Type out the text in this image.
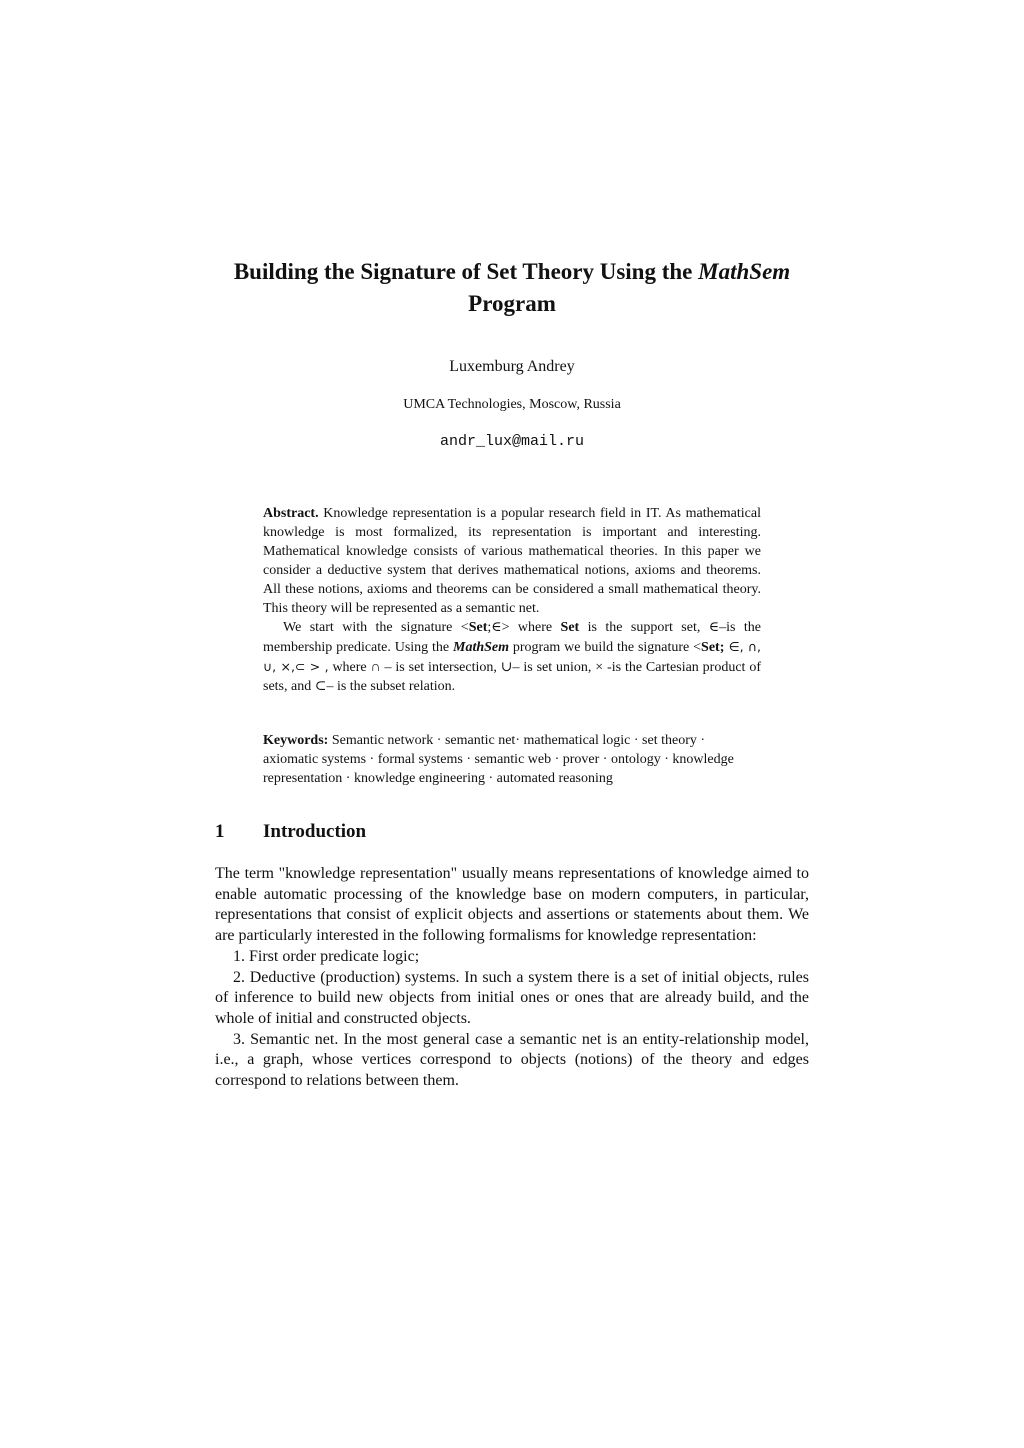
Building the Signature of Set Theory Using the MathSem
Program
Luxemburg Andrey
UMCA Technologies, Moscow, Russia
andr_lux@mail.ru

Abstract. Knowledge representation is a popular research field in IT. As mathematical knowledge is most formalized, its representation is important and interesting. Mathematical knowledge consists of various mathematical theories. In this paper we consider a deductive system that derives mathematical notions, axioms and theorems. All these notions, axioms and theorems can be considered a small mathematical theory. This theory will be represented as a semantic net.

We start with the signature <Set;∈> where Set is the support set, ∈–is the membership predicate. Using the MathSem program we build the signature <Set; ∈, ∩, ∪, ×,⊂ > , where ∩ – is set intersection, ∪– is set union, × -is the Cartesian product of sets, and ⊂– is the subset relation.

Keywords: Semantic network · semantic net· mathematical logic · set theory · axiomatic systems · formal systems · semantic web · prover · ontology · knowledge representation · knowledge engineering · automated reasoning
1 Introduction

The term "knowledge representation" usually means representations of knowledge aimed to enable automatic processing of the knowledge base on modern computers, in particular, representations that consist of explicit objects and assertions or statements about them. We are particularly interested in the following formalisms for knowledge representation:

1. First order predicate logic;

2. Deductive (production) systems. In such a system there is a set of initial objects, rules of inference to build new objects from initial ones or ones that are already build, and the whole of initial and constructed objects.

3. Semantic net. In the most general case a semantic net is an entity-relationship model, i.e., a graph, whose vertices correspond to objects (notions) of the theory and edges correspond to relations between them.
